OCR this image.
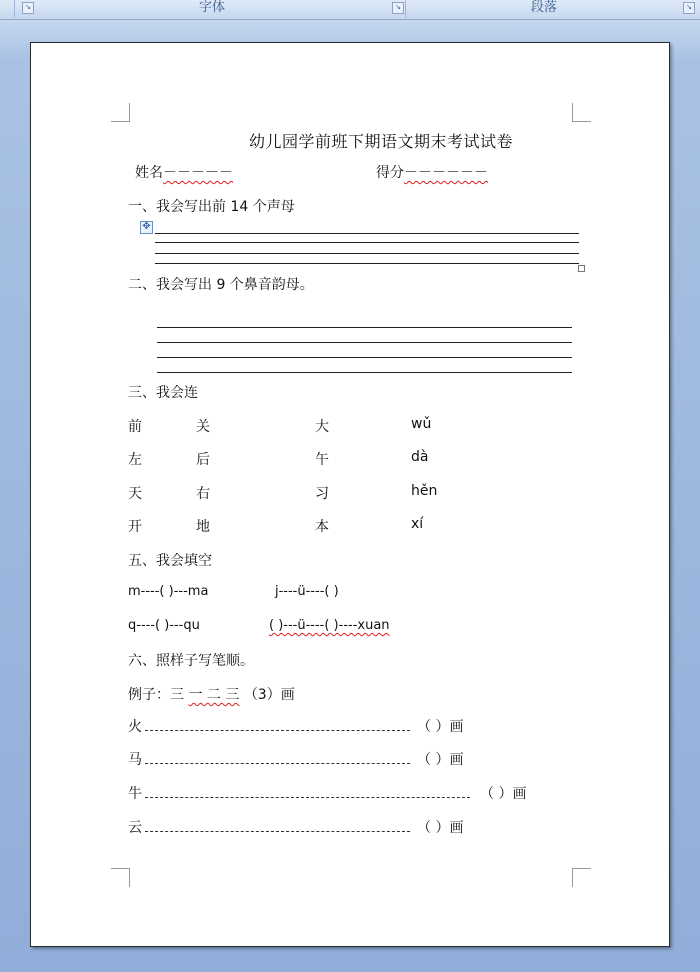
↘	字体	↘	段落	↘
幼儿园学前班下期语文期末考试试卷
姓名－－－－－	得分－－－－－－
一、我会写出前 14 个声母
✥
二、我会写出 9 个鼻音韵母。
三、我会连
前	关	大	wǔ
左	后	午	dà
天	右	习	hěn
开	地	本	xí
五、我会填空
m----( )---ma	j----ü----( )
q----( )---qu	( )---ü----( )----xuan
六、照样子写笔顺。
例子：三 一 二 三 （3）画
火	（ ）画
马	（ ）画
牛	（ ）画
云	（ ）画
